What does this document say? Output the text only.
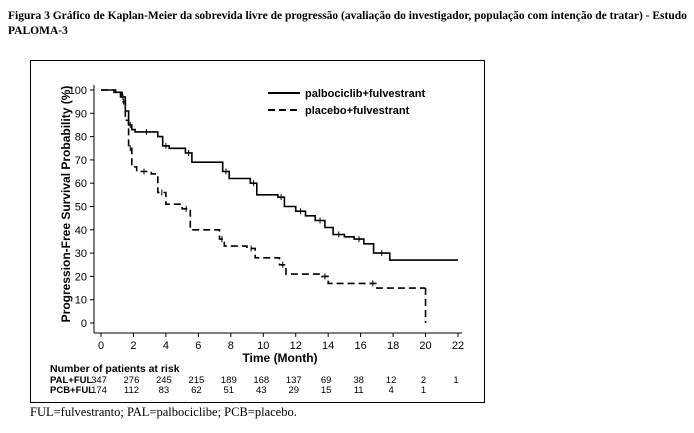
Figura 3 Gráfico de Kaplan-Meier da sobrevida livre de progressão (avaliação do investigador, população com intenção de tratar) - Estudo PALOMA-3
0
10
20
30
40
50
60
70
80
90
100
0 2 4 6 8 10 12 14 16 18 20 22
palbociclib+fulvestrant
placebo+fulvestrant
Time (Month)
Progression-Free Survival Probability (%)
Number of patients at risk
PAL+FUL
347 276 245 215 189 168 137 69 38 12	2	1
PCB+FUL
174 112 83 62 51 43 29 15 11	4	1
FUL=fulvestranto; PAL=palbociclibe; PCB=placebo.
